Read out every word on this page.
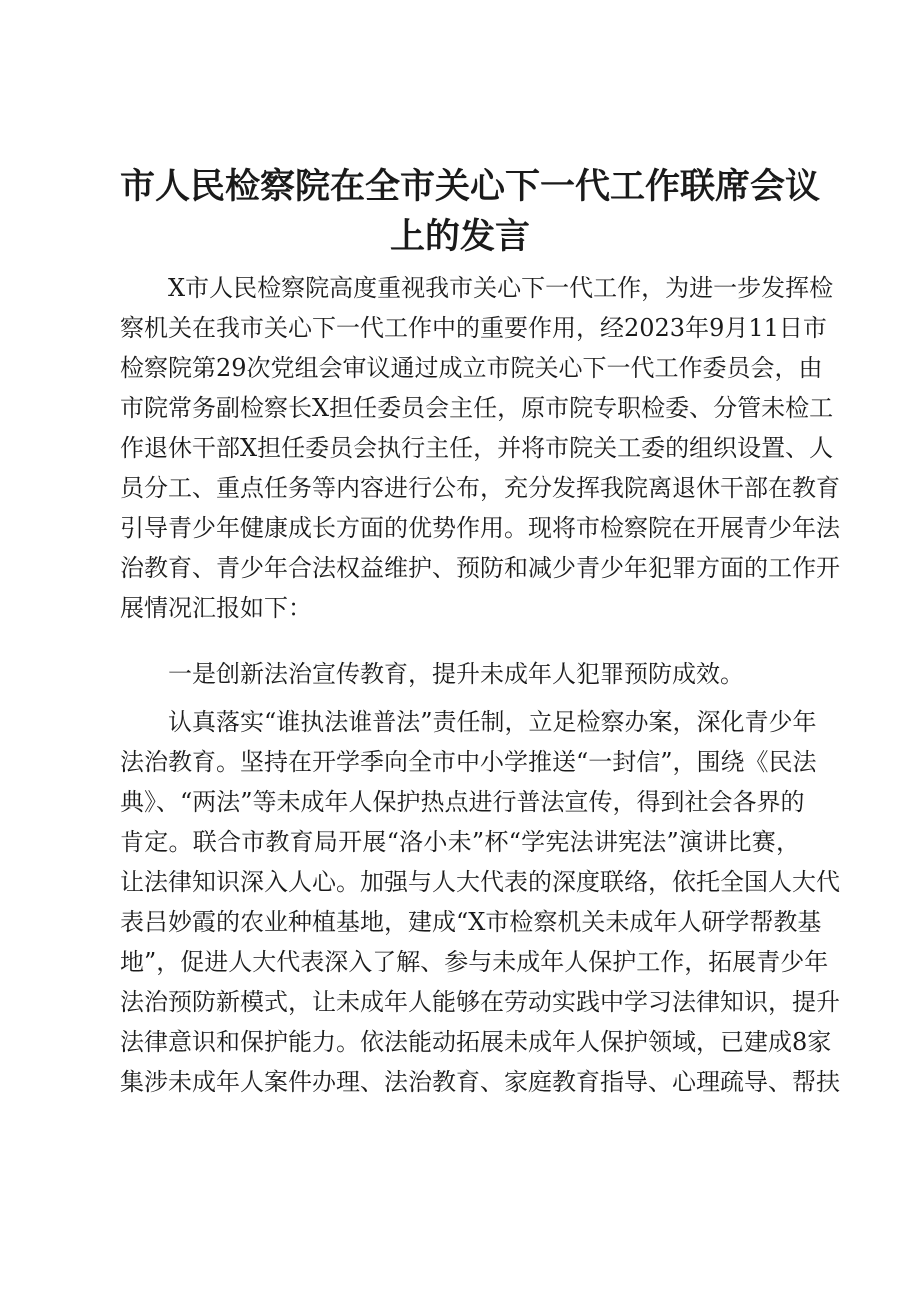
市人民检察院在全市关心下一代工作联席会议
上的发言

X市人民检察院高度重视我市关心下一代工作，为进一步发挥检

察机关在我市关心下一代工作中的重要作用，经2023年9月11日市

检察院第29次党组会审议通过成立市院关心下一代工作委员会，由

市院常务副检察长X担任委员会主任，原市院专职检委、分管未检工

作退休干部X担任委员会执行主任，并将市院关工委的组织设置、人

员分工、重点任务等内容进行公布，充分发挥我院离退休干部在教育

引导青少年健康成长方面的优势作用。现将市检察院在开展青少年法

治教育、青少年合法权益维护、预防和减少青少年犯罪方面的工作开

展情况汇报如下：

一是创新法治宣传教育，提升未成年人犯罪预防成效。

认真落实“谁执法谁普法”责任制，立足检察办案，深化青少年

法治教育。坚持在开学季向全市中小学推送“一封信”，围绕《民法

典》、“两法”等未成年人保护热点进行普法宣传，得到社会各界的

肯定。联合市教育局开展“洛小未”杯“学宪法讲宪法”演讲比赛，

让法律知识深入人心。加强与人大代表的深度联络，依托全国人大代

表吕妙霞的农业种植基地，建成“X市检察机关未成年人研学帮教基

地”，促进人大代表深入了解、参与未成年人保护工作，拓展青少年

法治预防新模式，让未成年人能够在劳动实践中学习法律知识，提升

法律意识和保护能力。依法能动拓展未成年人保护领域，已建成8家

集涉未成年人案件办理、法治教育、家庭教育指导、心理疏导、帮扶
